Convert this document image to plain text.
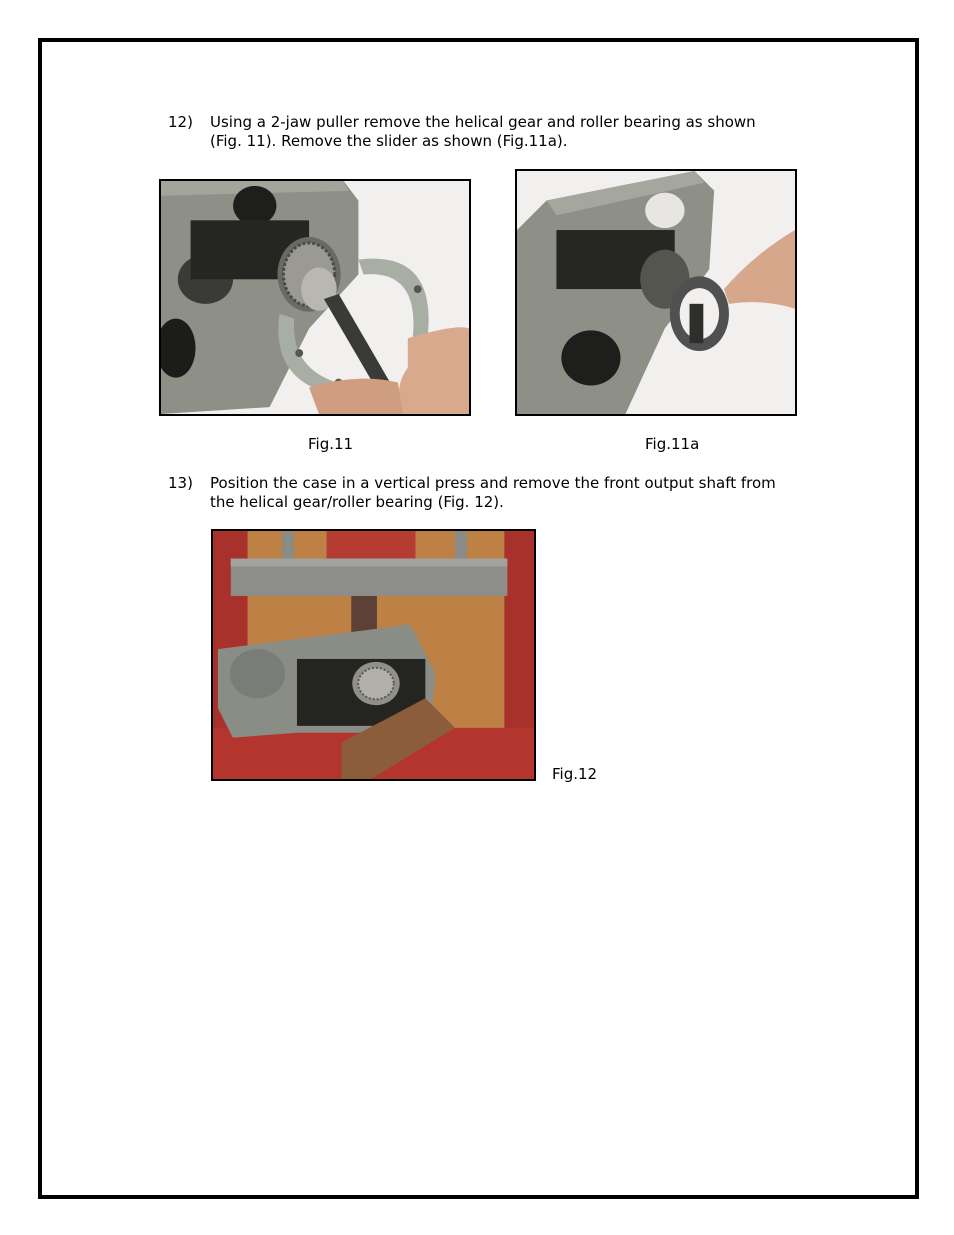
12) Using a 2-jaw puller remove the helical gear and roller bearing as shown
(Fig. 11). Remove the slider as shown (Fig.11a).
Fig.11	Fig.11a
13) Position the case in a vertical press and remove the front output shaft from
the helical gear/roller bearing (Fig. 12).
Fig.12
